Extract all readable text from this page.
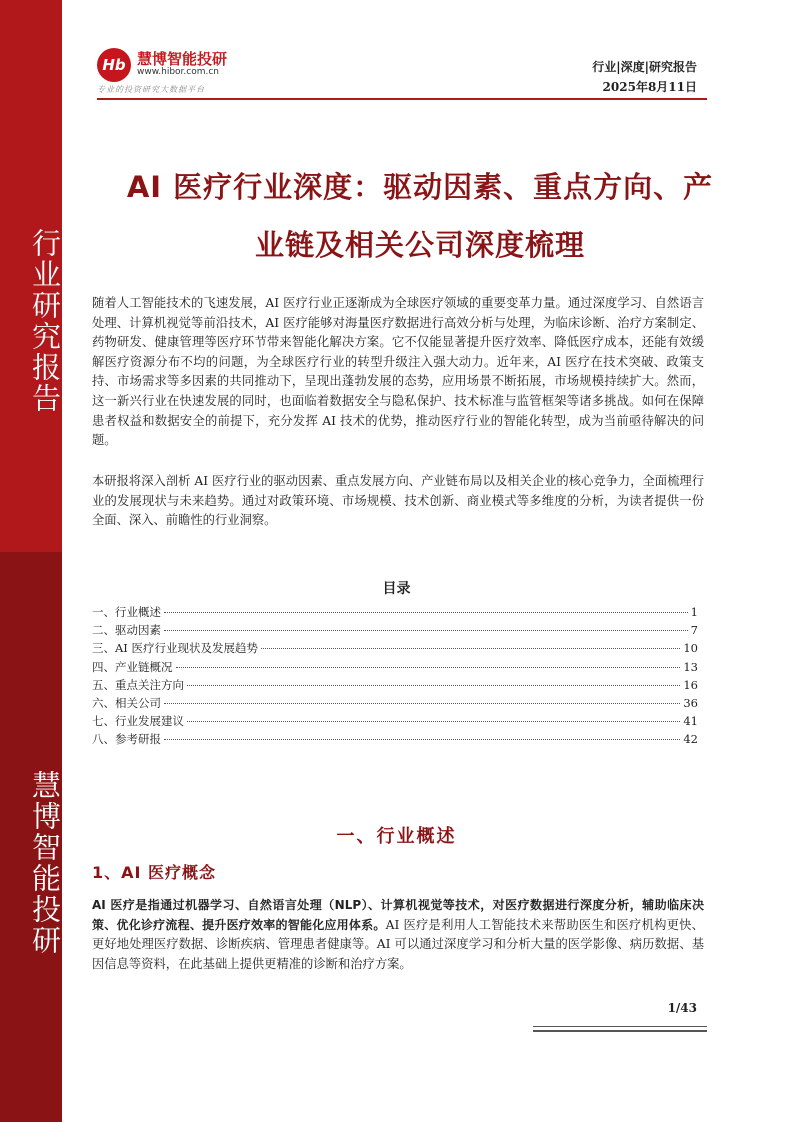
行业研究报告
慧博智能投研
Hb 慧博智能投研
www.hibor.com.cn
专业的投资研究大数据平台
行业|深度|研究报告
2025年8月11日
AI 医疗行业深度：驱动因素、重点方向、产
业链及相关公司深度梳理

随着人工智能技术的飞速发展，AI 医疗行业正逐渐成为全球医疗领域的重要变革力量。通过深度学习、自然语言处理、计算机视觉等前沿技术，AI 医疗能够对海量医疗数据进行高效分析与处理，为临床诊断、治疗方案制定、药物研发、健康管理等医疗环节带来智能化解决方案。它不仅能显著提升医疗效率、降低医疗成本，还能有效缓解医疗资源分布不均的问题，为全球医疗行业的转型升级注入强大动力。近年来，AI 医疗在技术突破、政策支持、市场需求等多因素的共同推动下，呈现出蓬勃发展的态势，应用场景不断拓展，市场规模持续扩大。然而，这一新兴行业在快速发展的同时，也面临着数据安全与隐私保护、技术标准与监管框架等诸多挑战。如何在保障患者权益和数据安全的前提下，充分发挥 AI 技术的优势，推动医疗行业的智能化转型，成为当前亟待解决的问题。

本研报将深入剖析 AI 医疗行业的驱动因素、重点发展方向、产业链布局以及相关企业的核心竞争力，全面梳理行业的发展现状与未来趋势。通过对政策环境、市场规模、技术创新、商业模式等多维度的分析，为读者提供一份全面、深入、前瞻性的行业洞察。

目录
一、行业概述	1
二、驱动因素	7
三、AI 医疗行业现状及发展趋势	10
四、产业链概况	13
五、重点关注方向	16
六、相关公司	36
七、行业发展建议	41
八、参考研报	42
一、行业概述
1、AI 医疗概念

AI 医疗是指通过机器学习、自然语言处理（NLP）、计算机视觉等技术，对医疗数据进行深度分析，辅助临床决策、优化诊疗流程、提升医疗效率的智能化应用体系。AI 医疗是利用人工智能技术来帮助医生和医疗机构更快、更好地处理医疗数据、诊断疾病、管理患者健康等。AI 可以通过深度学习和分析大量的医学影像、病历数据、基因信息等资料，在此基础上提供更精准的诊断和治疗方案。

1/43
